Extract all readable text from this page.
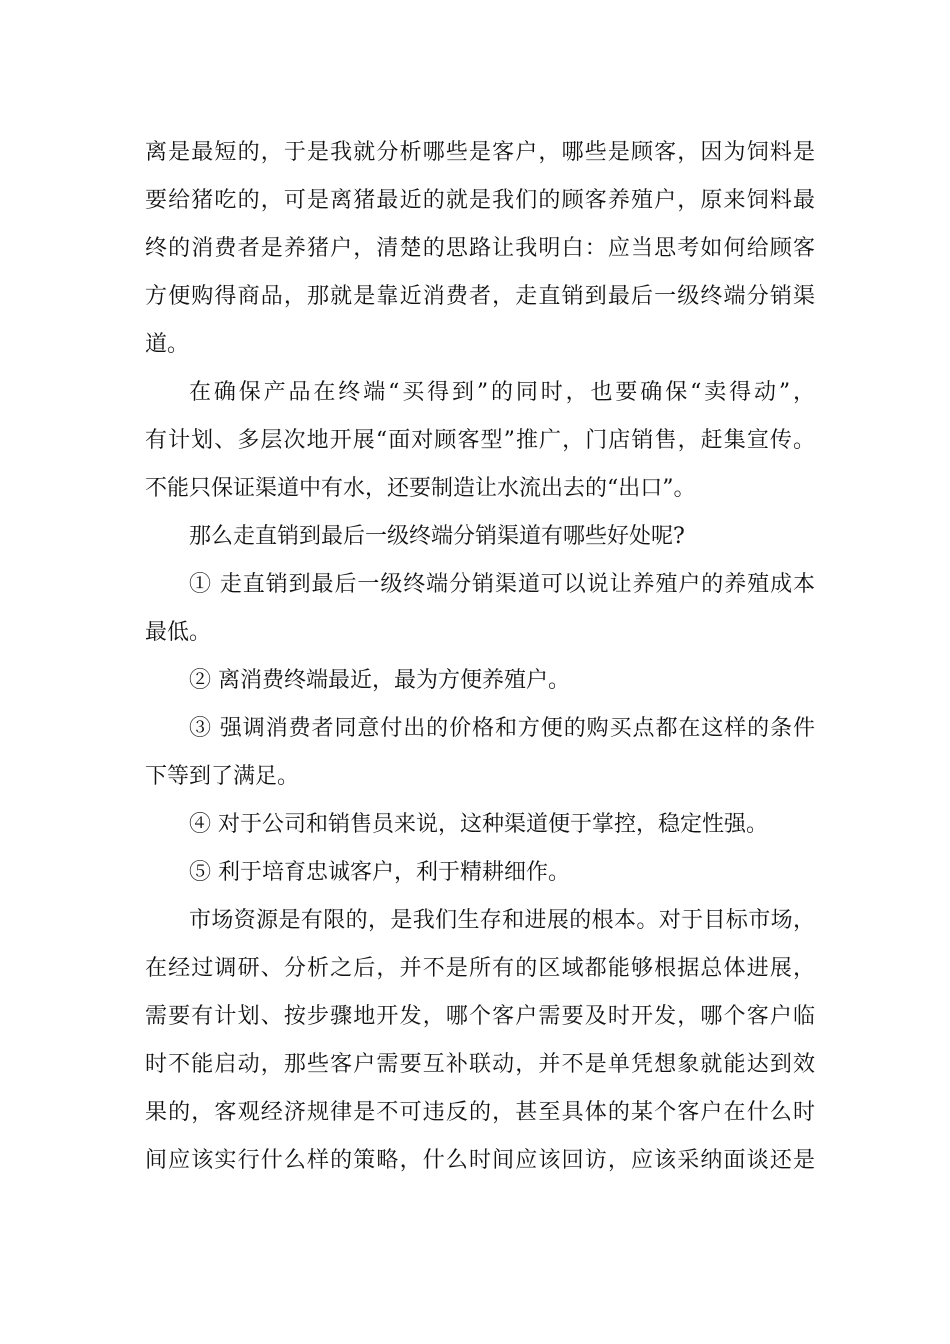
离是最短的，于是我就分析哪些是客户，哪些是顾客，因为饲料是
要给猪吃的，可是离猪最近的就是我们的顾客养殖户，原来饲料最
终的消费者是养猪户，清楚的思路让我明白：应当思考如何给顾客
方便购得商品，那就是靠近消费者，走直销到最后一级终端分销渠
道。
在确保产品在终端“买得到”的同时，也要确保“卖得动”，
有计划、多层次地开展“面对顾客型”推广，门店销售，赶集宣传。
不能只保证渠道中有水，还要制造让水流出去的“出口”。
那么走直销到最后一级终端分销渠道有哪些好处呢?
① 走直销到最后一级终端分销渠道可以说让养殖户的养殖成本
最低。
② 离消费终端最近，最为方便养殖户。
③ 强调消费者同意付出的价格和方便的购买点都在这样的条件
下等到了满足。
④ 对于公司和销售员来说，这种渠道便于掌控，稳定性强。
⑤ 利于培育忠诚客户，利于精耕细作。
市场资源是有限的，是我们生存和进展的根本。对于目标市场，
在经过调研、分析之后，并不是所有的区域都能够根据总体进展，
需要有计划、按步骤地开发，哪个客户需要及时开发，哪个客户临
时不能启动，那些客户需要互补联动，并不是单凭想象就能达到效
果的，客观经济规律是不可违反的，甚至具体的某个客户在什么时
间应该实行什么样的策略，什么时间应该回访，应该采纳面谈还是
